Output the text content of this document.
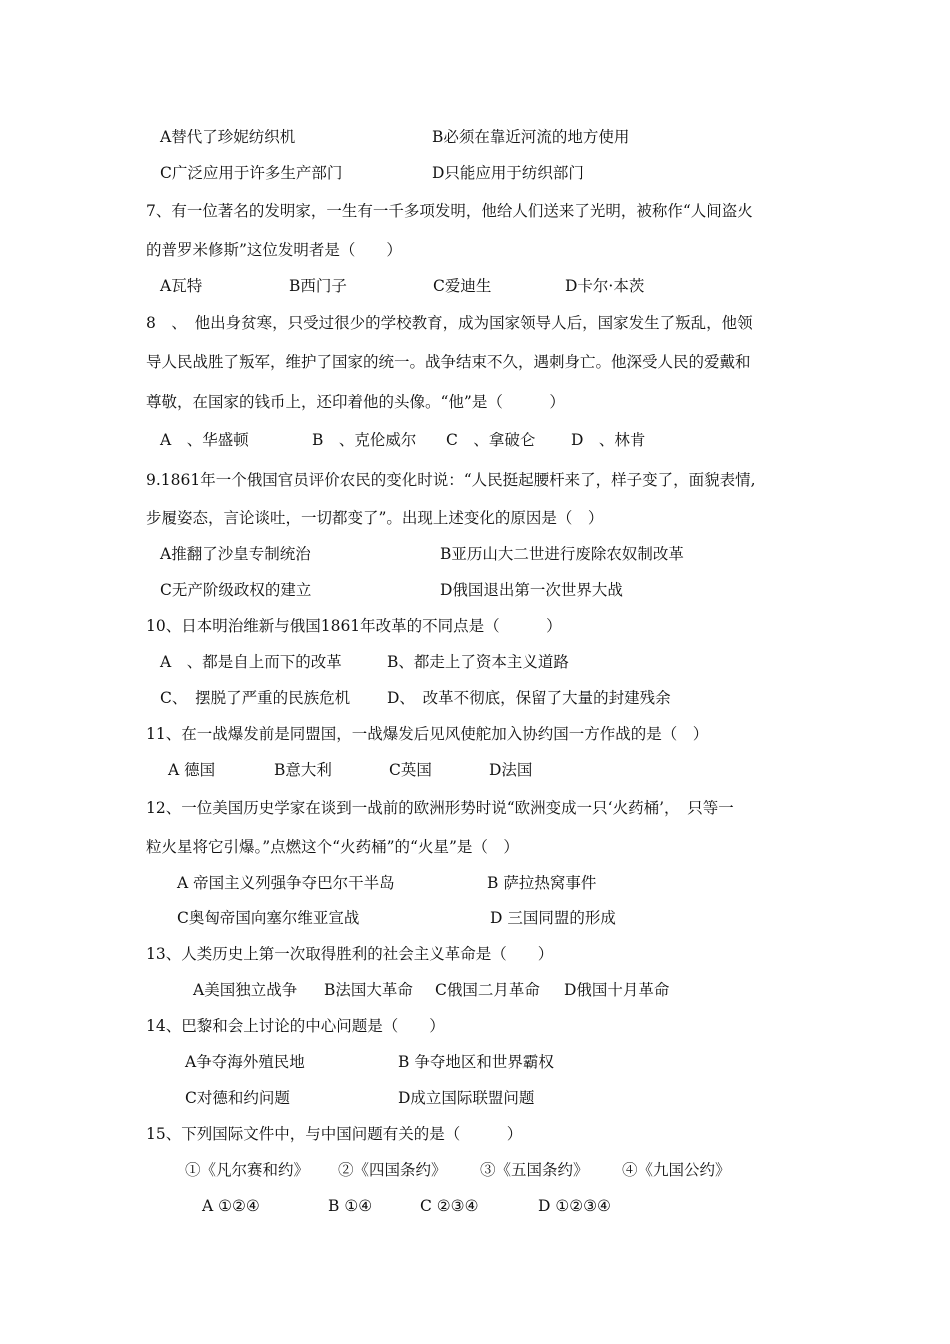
A替代了珍妮纺织机	B必须在靠近河流的地方使用
C广泛应用于许多生产部门	D只能应用于纺织部门
7、有一位著名的发明家，一生有一千多项发明，他给人们送来了光明，被称作“人间盗火
的普罗米修斯”这位发明者是（　　）
A瓦特	B西门子	C爱迪生	D卡尔·本茨
8　、　他出身贫寒，只受过很少的学校教育，成为国家领导人后，国家发生了叛乱，他领
导人民战胜了叛军，维护了国家的统一。战争结束不久，遇刺身亡。他深受人民的爱戴和
尊敬，在国家的钱币上，还印着他的头像。“他”是（　　　）
A　、华盛顿	B　、克伦威尔 C　、拿破仑 D　、林肯
9.1861年一个俄国官员评价农民的变化时说：“人民挺起腰杆来了，样子变了，面貌表情,
步履姿态，言论谈吐，一切都变了”。出现上述变化的原因是（　）
A推翻了沙皇专制统治	B亚历山大二世进行废除农奴制改革
C无产阶级政权的建立	D俄国退出第一次世界大战
10、日本明治维新与俄国1861年改革的不同点是（　　　）
A　、都是自上而下的改革	B、都走上了资本主义道路
C、　摆脱了严重的民族危机 D、　改革不彻底，保留了大量的封建残余
11、在一战爆发前是同盟国，一战爆发后见风使舵加入协约国一方作战的是（　）
A 德国	B意大利	C英国	D法国
12、一位美国历史学家在谈到一战前的欧洲形势时说“欧洲变成一只‘火药桶’，　只等一
粒火星将它引爆。”点燃这个“火药桶”的“火星”是（　）
A 帝国主义列强争夺巴尔干半岛	B 萨拉热窝事件
C奥匈帝国向塞尔维亚宣战	D 三国同盟的形成
13、人类历史上第一次取得胜利的社会主义革命是（　　）
A美国独立战争 B法国大革命 C俄国二月革命 D俄国十月革命
14、巴黎和会上讨论的中心问题是（　　）
A争夺海外殖民地	B 争夺地区和世界霸权
C对德和约问题	D成立国际联盟问题
15、下列国际文件中，与中国问题有关的是（　　　）
①《凡尔赛和约》 ②《四国条约》 ③《五国条约》 ④《九国公约》
A ①②④	B ①④	C ②③④	D ①②③④
